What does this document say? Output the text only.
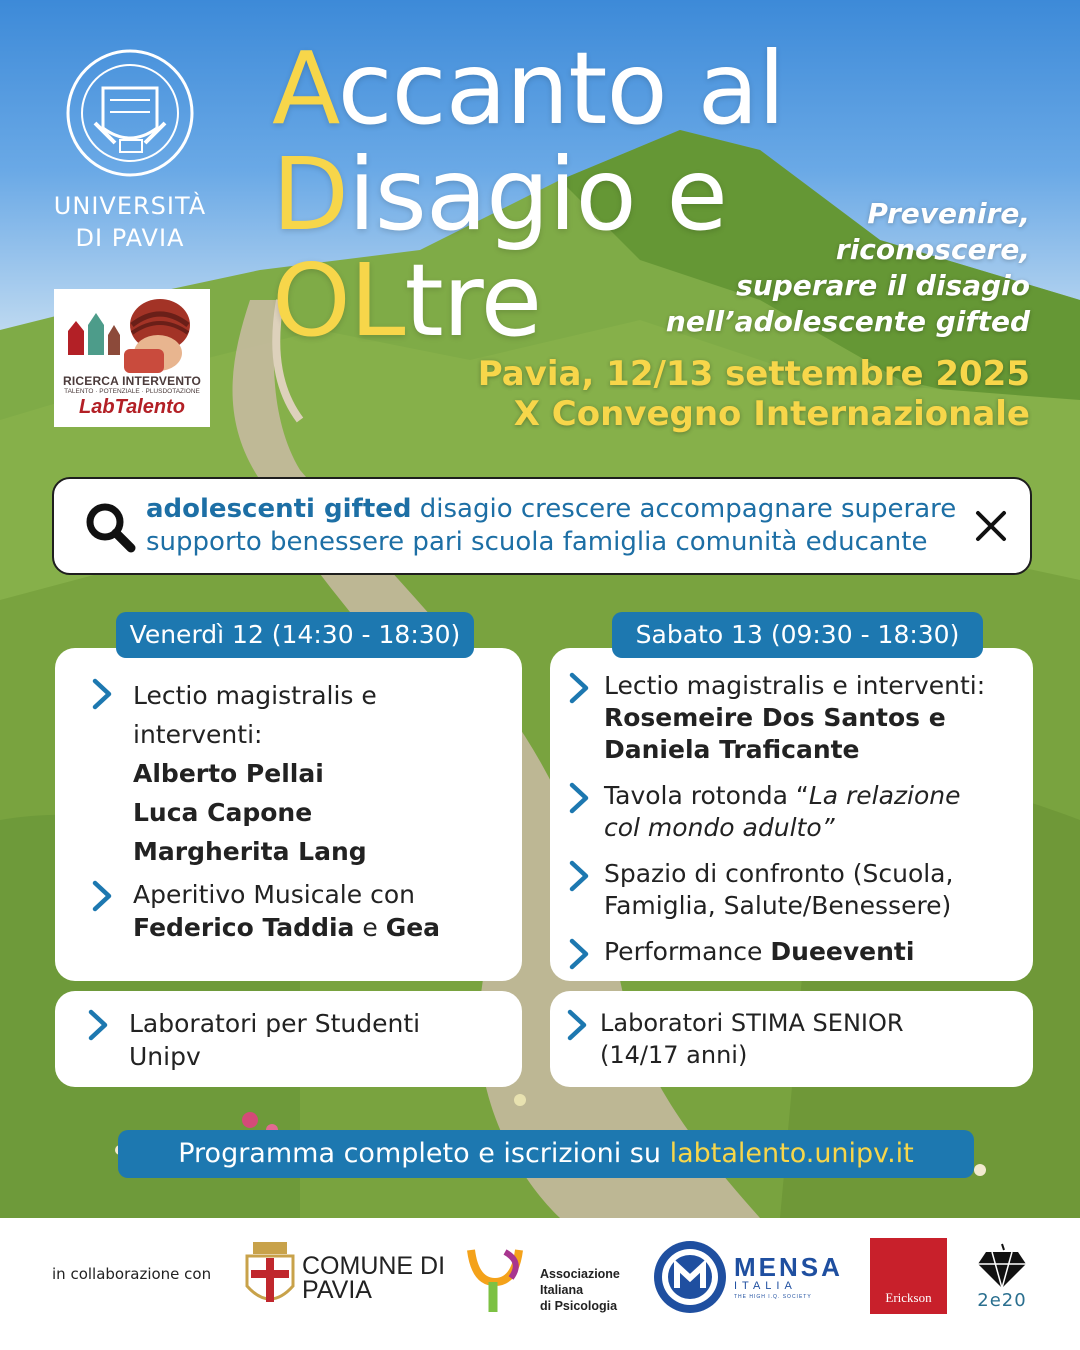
UNIVERSITÀ
DI PAVIA
RICERCA INTERVENTO
TALENTO · POTENZIALE · PLUSDOTAZIONE
LabTalento
Accanto al
Disagio e
OLtre
Prevenire,
riconoscere,
superare il disagio
nell’adolescente gifted
Pavia, 12/13 settembre 2025
X Convegno Internazionale
adolescenti gifted disagio crescere accompagnare superare
supporto benessere pari scuola famiglia comunità educante
Lectio magistralis e
interventi:
Alberto Pellai
Luca Capone
Margherita Lang
Aperitivo Musicale con
Federico Taddia e Gea
Venerdì 12 (14:30 - 18:30)
Laboratori per Studenti
Unipv
Lectio magistralis e interventi:
Rosemeire Dos Santos e
Daniela Traficante
Tavola rotonda “La relazione
col mondo adulto”
Spazio di confronto (Scuola,
Famiglia, Salute/Benessere)
Performance Dueeventi
Sabato 13 (09:30 - 18:30)
Laboratori STIMA SENIOR
(14/17 anni)
Programma completo e iscrizioni su labtalento.unipv.it
in collaborazione con	COMUNE DI
PAVIA
Associazione
Italiana
di Psicologia
MENSA
ITALIA
THE HIGH I.Q. SOCIETY	Erickson	2e20
